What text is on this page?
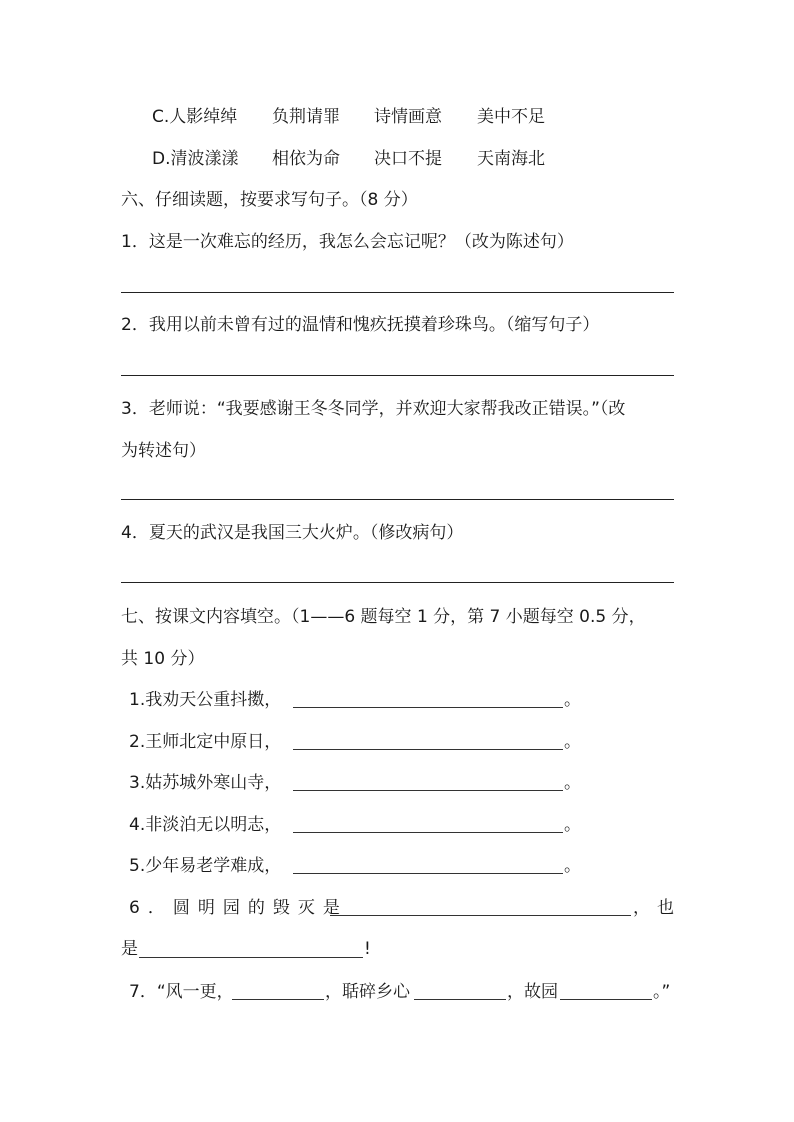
C.人影绰绰 负荆请罪 诗情画意 美中不足
D.清波漾漾 相依为命 决口不提 天南海北
六、仔细读题，按要求写句子。（8 分）
1．这是一次难忘的经历，我怎么会忘记呢？（改为陈述句）
2．我用以前未曾有过的温情和愧疚抚摸着珍珠鸟。（缩写句子）
3．老师说：“我要感谢王冬冬同学，并欢迎大家帮我改正错误。”（改
为转述句）
4．夏天的武汉是我国三大火炉。（修改病句）
七、按课文内容填空。（1——6 题每空 1 分，第 7 小题每空 0.5 分，
共 10 分）
1.我劝天公重抖擞，	。
2.王师北定中原日，	。
3.姑苏城外寒山寺，	。
4.非淡泊无以明志，	。
5.少年易老学难成，	。
6．圆明园的毁灭是	， 也
是	!
7．“风一更，	，聒碎乡心	，故园	。”
